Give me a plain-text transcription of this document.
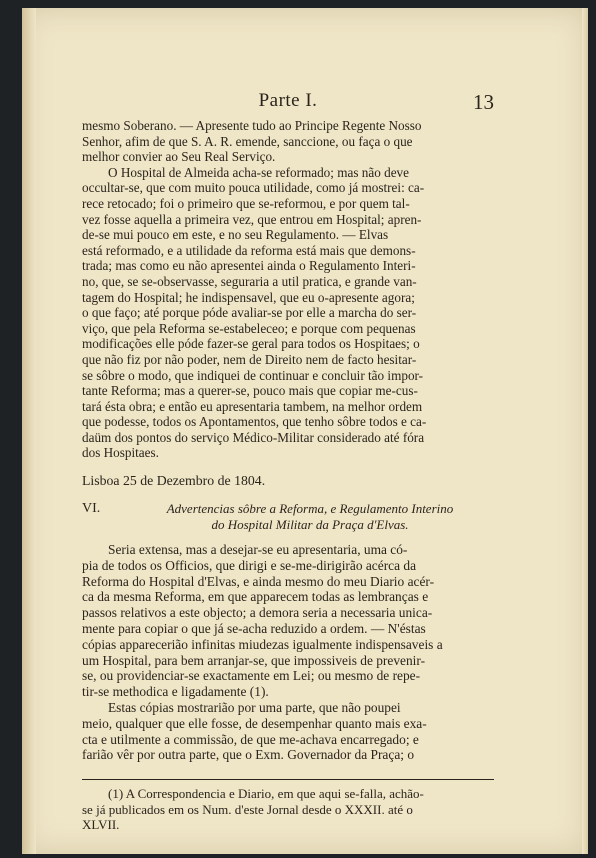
Parte I.	13

mesmo Soberano. — Apresente tudo ao Principe Regente Nosso
Senhor, afim de que S. A. R. emende, sanccione, ou faça o que
melhor convier ao Seu Real Serviço.

O Hospital de Almeida acha-se reformado; mas não deve
occultar-se, que com muito pouca utilidade, como já mostrei: ca-
rece retocado; foi o primeiro que se-reformou, e por quem tal-
vez fosse aquella a primeira vez, que entrou em Hospital; apren-
de-se mui pouco em este, e no seu Regulamento. — Elvas
está reformado, e a utilidade da reforma está mais que demons-
trada; mas como eu não apresentei ainda o Regulamento Interi-
no, que, se se-observasse, seguraria a util pratica, e grande van-
tagem do Hospital; he indispensavel, que eu o-apresente agora;
o que faço; até porque póde avaliar-se por elle a marcha do ser-
viço, que pela Reforma se-estabeleceo; e porque com pequenas
modificações elle póde fazer-se geral para todos os Hospitaes; o
que não fiz por não poder, nem de Direito nem de facto hesitar-
se sôbre o modo, que indiquei de continuar e concluir tão impor-
tante Reforma; mas a querer-se, pouco mais que copiar me-cus-
tará ésta obra; e então eu apresentaria tambem, na melhor ordem
que podesse, todos os Apontamentos, que tenho sôbre todos e ca-
daüm dos pontos do serviço Médico-Militar considerado até fóra
dos Hospitaes.

Lisboa 25 de Dezembro de 1804.

VI.	Advertencias sôbre a Reforma, e Regulamento Interino
do Hospital Militar da Praça d'Elvas.

Seria extensa, mas a desejar-se eu apresentaria, uma có-
pia de todos os Officios, que dirigi e se-me-dirigirão acérca da
Reforma do Hospital d'Elvas, e ainda mesmo do meu Diario acér-
ca da mesma Reforma, em que apparecem todas as lembranças e
passos relativos a este objecto; a demora seria a necessaria unica-
mente para copiar o que já se-acha reduzido a ordem. — N'éstas
cópias apparecerião infinitas miudezas igualmente indispensaveis a
um Hospital, para bem arranjar-se, que impossiveis de prevenir-
se, ou providenciar-se exactamente em Lei; ou mesmo de repe-
tir-se methodica e ligadamente (1).

Estas cópias mostrarião por uma parte, que não poupei
meio, qualquer que elle fosse, de desempenhar quanto mais exa-
cta e utilmente a commissão, de que me-achava encarregado; e
farião vêr por outra parte, que o Exm. Governador da Praça; o

(1) A Correspondencia e Diario, em que aqui se-falla, achão-
se já publicados em os Num. d'este Jornal desde o XXXII. até o
XLVII.
